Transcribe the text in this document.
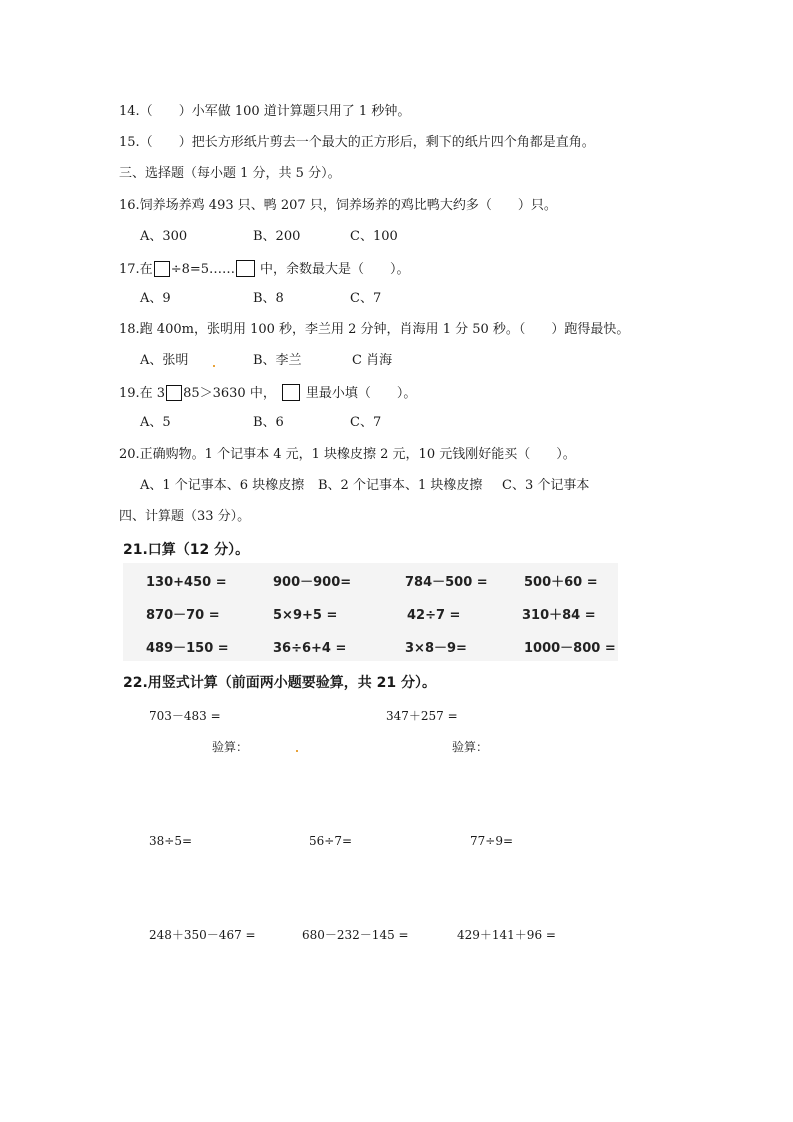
14.（　　）小军做 100 道计算题只用了 1 秒钟。
15.（　　）把长方形纸片剪去一个最大的正方形后，剩下的纸片四个角都是直角。
三、选择题（每小题 1 分，共 5 分）。
16.饲养场养鸡 493 只、鸭 207 只，饲养场养的鸡比鸭大约多（　　）只。
A、300	B、200	C、100
17.在 ÷8=5…… 中，余数最大是（　　）。
A、9	B、8	C、7
18.跑 400m，张明用 100 秒，李兰用 2 分钟，肖海用 1 分 50 秒。（　　）跑得最快。
A、张明	B、李兰	C 肖海
19.在 3 85＞3630 中， 里最小填（　　）。
A、5	B、6	C、7
20.正确购物。1 个记事本 4 元，1 块橡皮擦 2 元，10 元钱刚好能买（　　）。
A、1 个记事本、6 块橡皮擦 B、2 个记事本、1 块橡皮擦 C、3 个记事本
四、计算题（33 分）。
21.口算（12 分）。
130+450 =	900－900=	784－500 =	500＋60 =
870－70 =	5×9+5 =	42÷7 =	310＋84 =
489－150 =	36÷6+4 =	3×8－9=	1000－800 =
22.用竖式计算（前面两小题要验算，共 21 分）。
703－483 =	347＋257 =
验算：	验算：
38÷5=	56÷7=	77÷9=
248＋350－467 =	680－232－145 =	429＋141＋96 =
